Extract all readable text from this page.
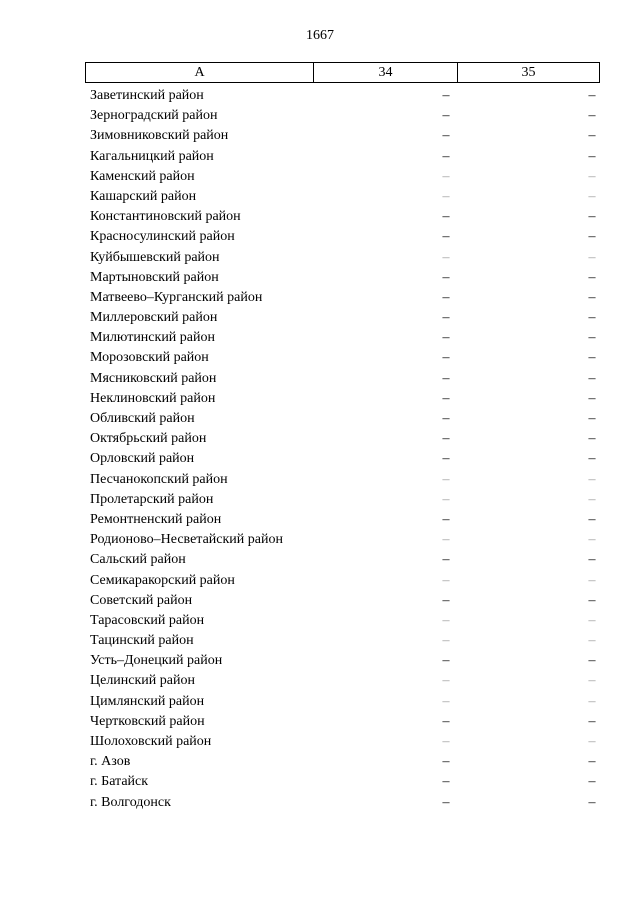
1667
А	34	35
Заветинский район	–	–
Зерноградский район	–	–
Зимовниковский район	–	–
Кагальницкий район	–	–
Каменский район	–	–
Кашарский район	–	–
Константиновский район	–	–
Красносулинский район	–	–
Куйбышевский район	–	–
Мартыновский район	–	–
Матвеево–Курганский район	–	–
Миллеровский район	–	–
Милютинский район	–	–
Морозовский район	–	–
Мясниковский район	–	–
Неклиновский район	–	–
Обливский район	–	–
Октябрьский район	–	–
Орловский район	–	–
Песчанокопский район	–	–
Пролетарский район	–	–
Ремонтненский район	–	–
Родионово–Несветайский район	–	–
Сальский район	–	–
Семикаракорский район	–	–
Советский район	–	–
Тарасовский район	–	–
Тацинский район	–	–
Усть–Донецкий район	–	–
Целинский район	–	–
Цимлянский район	–	–
Чертковский район	–	–
Шолоховский район	–	–
г. Азов	–	–
г. Батайск	–	–
г. Волгодонск	–	–
